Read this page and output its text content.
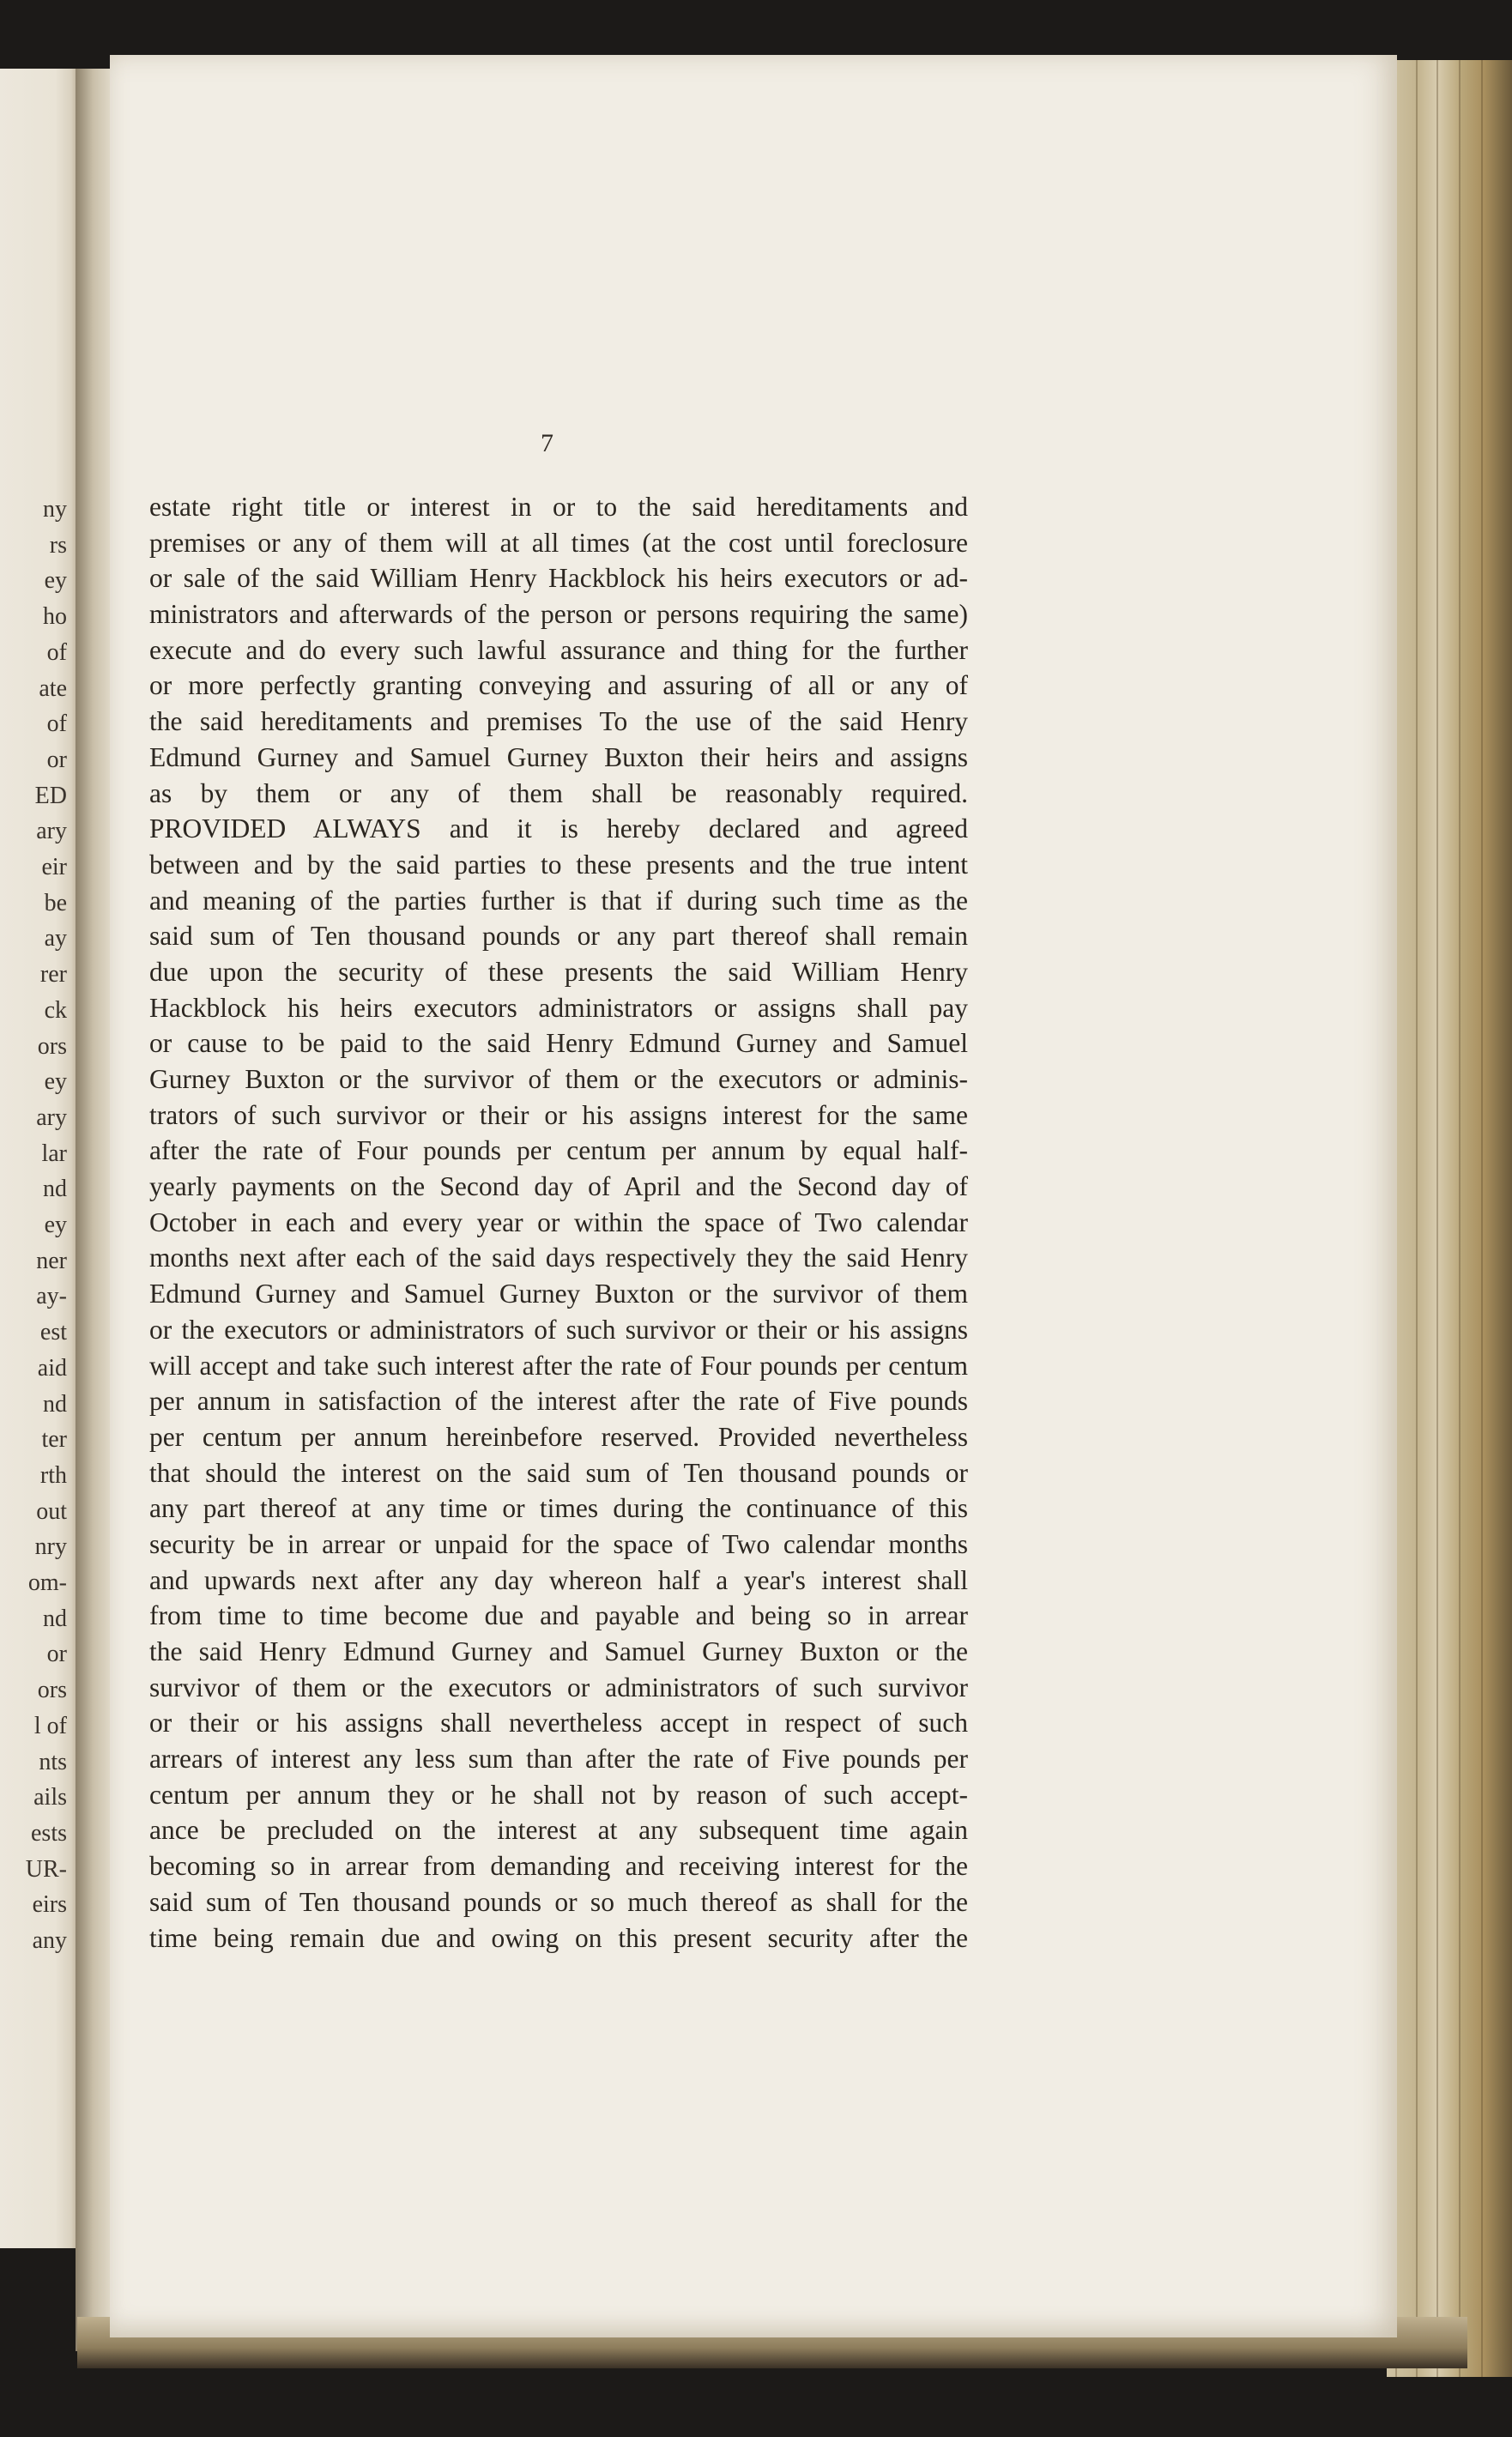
ny
rs
ey
ho
of
ate
of
or
ED
ary
eir
be
ay
rer
ck
ors
ey
ary
lar
nd
ey
ner
ay-
est
aid
nd
ter
rth
out
nry
om-
nd
or
ors
l of
nts
ails
ests
UR-
eirs
any
7
estate right title or interest in or to the said hereditaments and
premises or any of them will at all times (at the cost until foreclosure
or sale of the said William Henry Hackblock his heirs executors or ad-
ministrators and afterwards of the person or persons requiring the same)
execute and do every such lawful assurance and thing for the further
or more perfectly granting conveying and assuring of all or any of
the said hereditaments and premises To the use of the said Henry
Edmund Gurney and Samuel Gurney Buxton their heirs and assigns
as by them or any of them shall be reasonably required.
PROVIDED ALWAYS and it is hereby declared and agreed
between and by the said parties to these presents and the true intent
and meaning of the parties further is that if during such time as the
said sum of Ten thousand pounds or any part thereof shall remain
due upon the security of these presents the said William Henry
Hackblock his heirs executors administrators or assigns shall pay
or cause to be paid to the said Henry Edmund Gurney and Samuel
Gurney Buxton or the survivor of them or the executors or adminis-
trators of such survivor or their or his assigns interest for the same
after the rate of Four pounds per centum per annum by equal half-
yearly payments on the Second day of April and the Second day of
October in each and every year or within the space of Two calendar
months next after each of the said days respectively they the said Henry
Edmund Gurney and Samuel Gurney Buxton or the survivor of them
or the executors or administrators of such survivor or their or his assigns
will accept and take such interest after the rate of Four pounds per centum
per annum in satisfaction of the interest after the rate of Five pounds
per centum per annum hereinbefore reserved. Provided nevertheless
that should the interest on the said sum of Ten thousand pounds or
any part thereof at any time or times during the continuance of this
security be in arrear or unpaid for the space of Two calendar months
and upwards next after any day whereon half a year's interest shall
from time to time become due and payable and being so in arrear
the said Henry Edmund Gurney and Samuel Gurney Buxton or the
survivor of them or the executors or administrators of such survivor
or their or his assigns shall nevertheless accept in respect of such
arrears of interest any less sum than after the rate of Five pounds per
centum per annum they or he shall not by reason of such accept-
ance be precluded on the interest at any subsequent time again
becoming so in arrear from demanding and receiving interest for the
said sum of Ten thousand pounds or so much thereof as shall for the
time being remain due and owing on this present security after the
